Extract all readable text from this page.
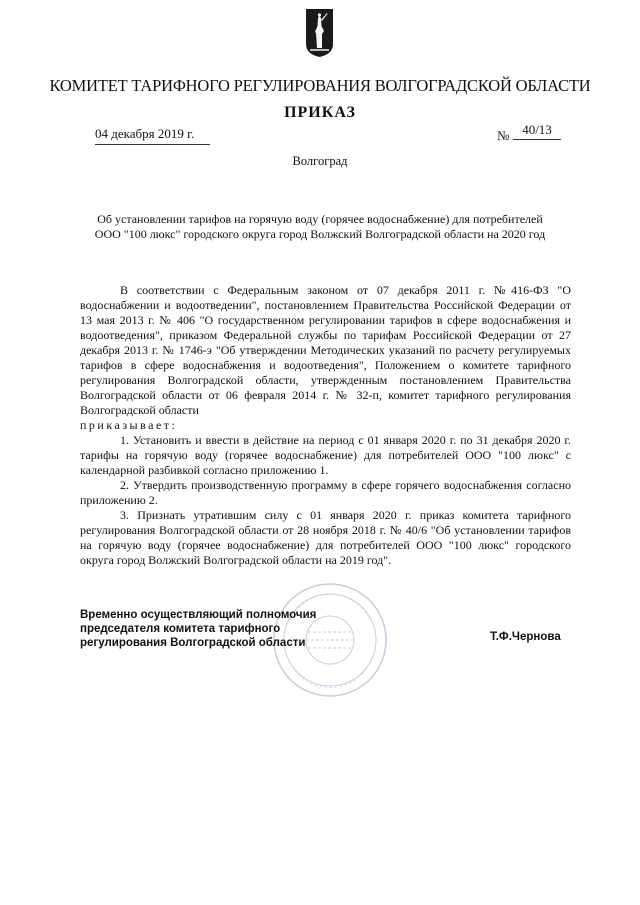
КОМИТЕТ ТАРИФНОГО РЕГУЛИРОВАНИЯ ВОЛГОГРАДСКОЙ ОБЛАСТИ
ПРИКАЗ
04 декабря 2019 г.	№ 40/13
Волгоград
Об установлении тарифов на горячую воду (горячее водоснабжение) для потребителей
ООО "100 люкс" городского округа город Волжский Волгоградской области на 2020 год

В соответствии с Федеральным законом от 07 декабря 2011 г. №416-ФЗ "О водоснабжении и водоотведении", постановлением Правительства Российской Федерации от 13 мая 2013 г. № 406 "О государственном регулировании тарифов в сфере водоснабжения и водоотведения", приказом Федеральной службы по тарифам Российской Федерации от 27 декабря 2013 г. № 1746-э "Об утверждении Методических указаний по расчету регулируемых тарифов в сфере водоснабжения и водоотведения", Положением о комитете тарифного регулирования Волгоградской области, утвержденным постановлением Правительства Волгоградской области от 06 февраля 2014 г. № 32-п, комитет тарифного регулирования Волгоградской области

приказывает:

1. Установить и ввести в действие на период с 01 января 2020 г. по 31 декабря 2020 г. тарифы на горячую воду (горячее водоснабжение) для потребителей ООО "100 люкс" с календарной разбивкой согласно приложению 1.

2. Утвердить производственную программу в сфере горячего водоснабжения согласно приложению 2.

3. Признать утратившим силу с 01 января 2020 г. приказ комитета тарифного регулирования Волгоградской области от 28 ноября 2018 г. № 40/6 "Об установлении тарифов на горячую воду (горячее водоснабжение) для потребителей ООО "100 люкс" городского округа город Волжский Волгоградской области на 2019 год".

Временно осуществляющий полномочия
председателя комитета тарифного
регулирования Волгоградской области	Т.Ф.Чернова
